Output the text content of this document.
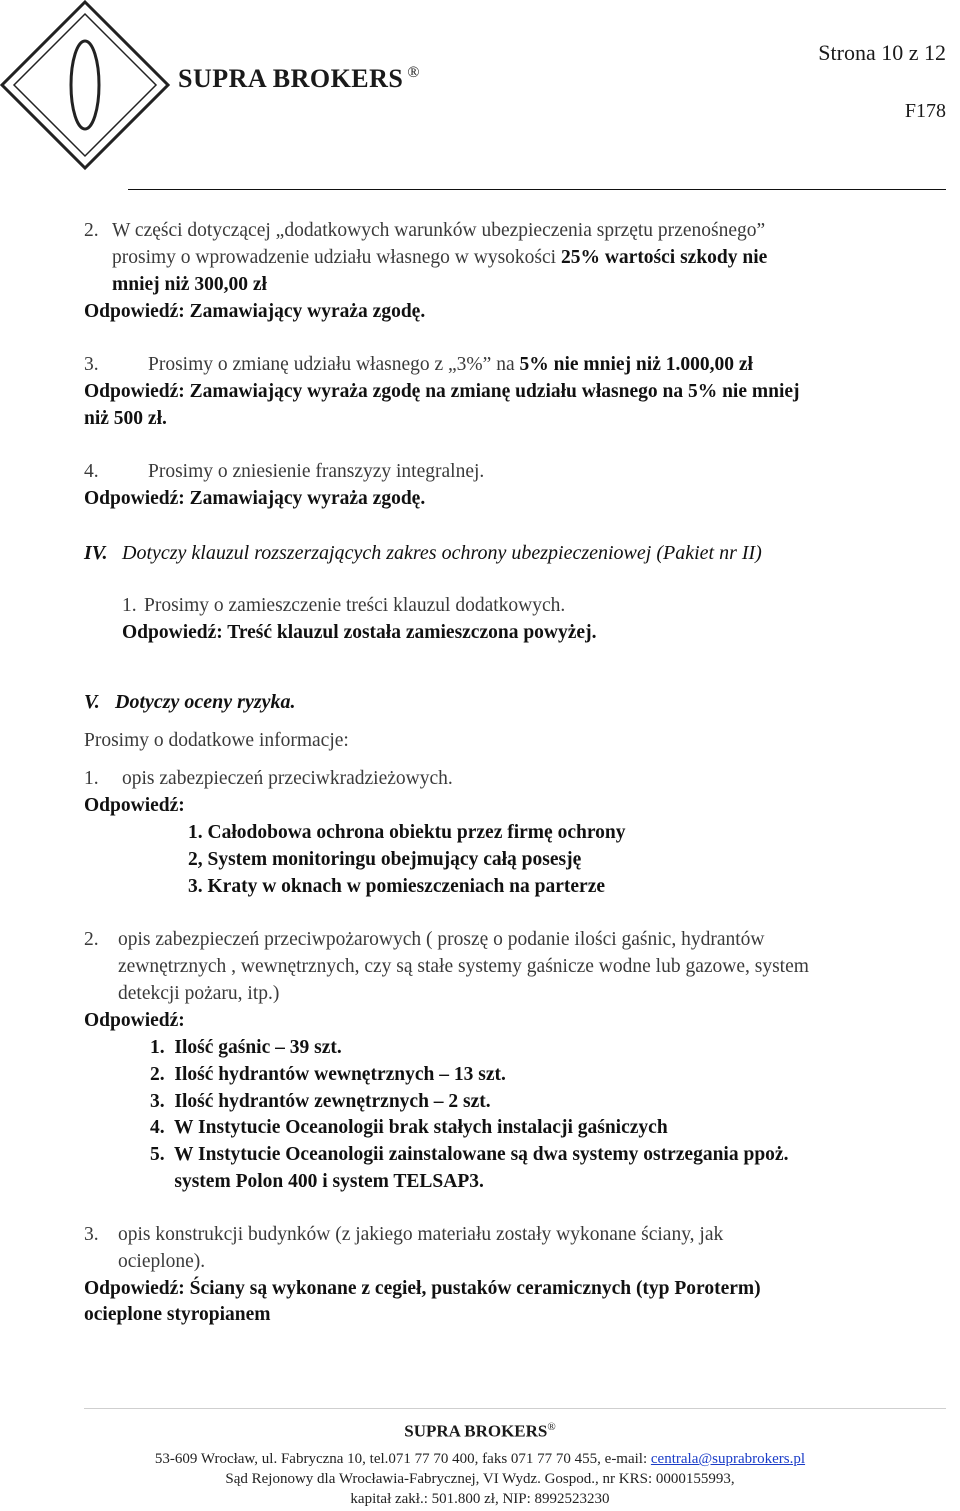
SUPRA BROKERS ®
Strona 10 z 12
F178
2. W części dotyczącej „dodatkowych warunków ubezpieczenia sprzętu przenośnego”
prosimy o wprowadzenie udziału własnego w wysokości 25% wartości szkody nie
mniej niż 300,00 zł
Odpowiedź: Zamawiający wyraża zgodę.
3.	Prosimy o zmianę udziału własnego z „3%” na 5% nie mniej niż 1.000,00 zł
Odpowiedź: Zamawiający wyraża zgodę na zmianę udziału własnego na 5% nie mniej
niż 500 zł.
4.	Prosimy o zniesienie franszyzy integralnej.
Odpowiedź: Zamawiający wyraża zgodę.
IV. Dotyczy klauzul rozszerzających zakres ochrony ubezpieczeniowej (Pakiet nr II)
1. Prosimy o zamieszczenie treści klauzul dodatkowych.
Odpowiedź: Treść klauzul została zamieszczona powyżej.
V. Dotyczy oceny ryzyka.
Prosimy o dodatkowe informacje:
1. opis zabezpieczeń przeciwkradzieżowych.
Odpowiedź:
1. Całodobowa ochrona obiektu przez firmę ochrony
2, System monitoringu obejmujący całą posesję
3. Kraty w oknach w pomieszczeniach na parterze
2. opis zabezpieczeń przeciwpożarowych ( proszę o podanie ilości gaśnic, hydrantów
zewnętrznych , wewnętrznych, czy są stałe systemy gaśnicze wodne lub gazowe, system
detekcji pożaru, itp.)
Odpowiedź:
1.  Ilość gaśnic – 39 szt.
2.  Ilość hydrantów wewnętrznych – 13 szt.
3.  Ilość hydrantów zewnętrznych – 2 szt.
4.  W Instytucie Oceanologii brak stałych instalacji gaśniczych
5.  W Instytucie Oceanologii zainstalowane są dwa systemy ostrzegania ppoż.
system Polon 400 i system TELSAP3.
3. opis konstrukcji budynków (z jakiego materiału zostały wykonane ściany, jak
ocieplone).
Odpowiedź: Ściany są wykonane z cegieł, pustaków ceramicznych (typ Poroterm)
ocieplone styropianem
SUPRA BROKERS®
53-609 Wrocław, ul. Fabryczna 10, tel.071 77 70 400, faks 071 77 70 455, e-mail: centrala@suprabrokers.pl
Sąd Rejonowy dla Wrocławia-Fabrycznej, VI Wydz. Gospod., nr KRS: 0000155993,
kapitał zakł.: 501.800 zł, NIP: 8992523230
